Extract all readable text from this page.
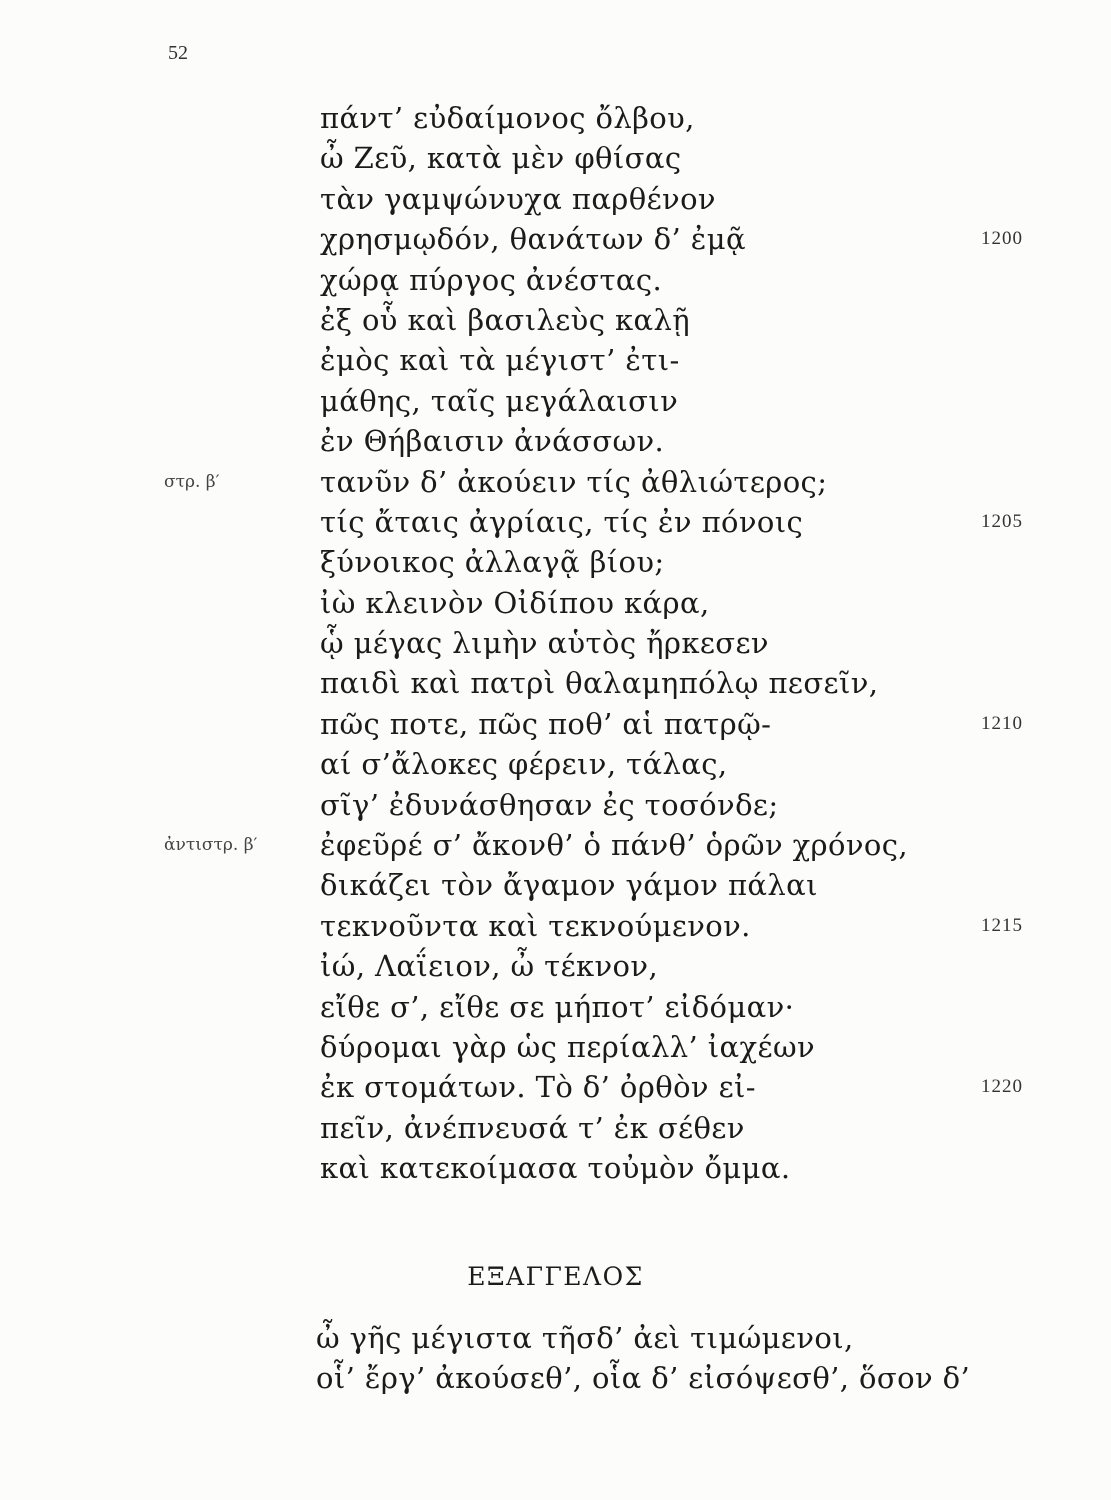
52
πάντ’ εὐδαίμονος ὄλβου,
ὦ Ζεῦ, κατὰ μὲν φθίσας
τὰν γαμψώνυχα παρθένον
χρησμῳδόν, θανάτων δ’ ἐμᾷ	1200
χώρᾳ πύργος ἀνέστας.
ἐξ οὗ καὶ βασιλεὺς καλῇ
ἐμὸς καὶ τὰ μέγιστ’ ἐτι-
μάθης, ταῖς μεγάλαισιν
ἐν Θήβαισιν ἀνάσσων.
τανῦν δ’ ἀκούειν τίς ἀθλιώτερος;
στρ. β′
τίς ἄταις ἀγρίαις, τίς ἐν πόνοις	1205
ξύνοικος ἀλλαγᾷ βίου;
ἰὼ κλεινὸν Οἰδίπου κάρα,
ᾧ μέγας λιμὴν αὑτὸς ἤρκεσεν
παιδὶ καὶ πατρὶ θαλαμηπόλῳ πεσεῖν,
πῶς ποτε, πῶς ποθ’ αἱ πατρῷ-	1210
αί σ’ἄλοκες φέρειν, τάλας,
σῖγ’ ἐδυνάσθησαν ἐς τοσόνδε;
ἐφεῦρέ σ’ ἄκονθ’ ὁ πάνθ’ ὁρῶν χρόνος,
ἀντιστρ. β′
δικάζει τὸν ἄγαμον γάμον πάλαι
τεκνοῦντα καὶ τεκνούμενον.	1215
ἰώ, Λαΐειον, ὦ τέκνον,
εἴθε σ’, εἴθε σε μήποτ’ εἰδόμαν·
δύρομαι γὰρ ὡς περίαλλ’ ἰαχέων
ἐκ στομάτων. Τὸ δ’ ὀρθὸν εἰ-	1220
πεῖν, ἀνέπνευσά τ’ ἐκ σέθεν
καὶ κατεκοίμασα τοὐμὸν ὄμμα.
ΕΞΑΓΓΕΛΟΣ
ὦ γῆς μέγιστα τῆσδ’ ἀεὶ τιμώμενοι,
οἷ’ ἔργ’ ἀκούσεθ’, οἷα δ’ εἰσόψεσθ’, ὅσον δ’
